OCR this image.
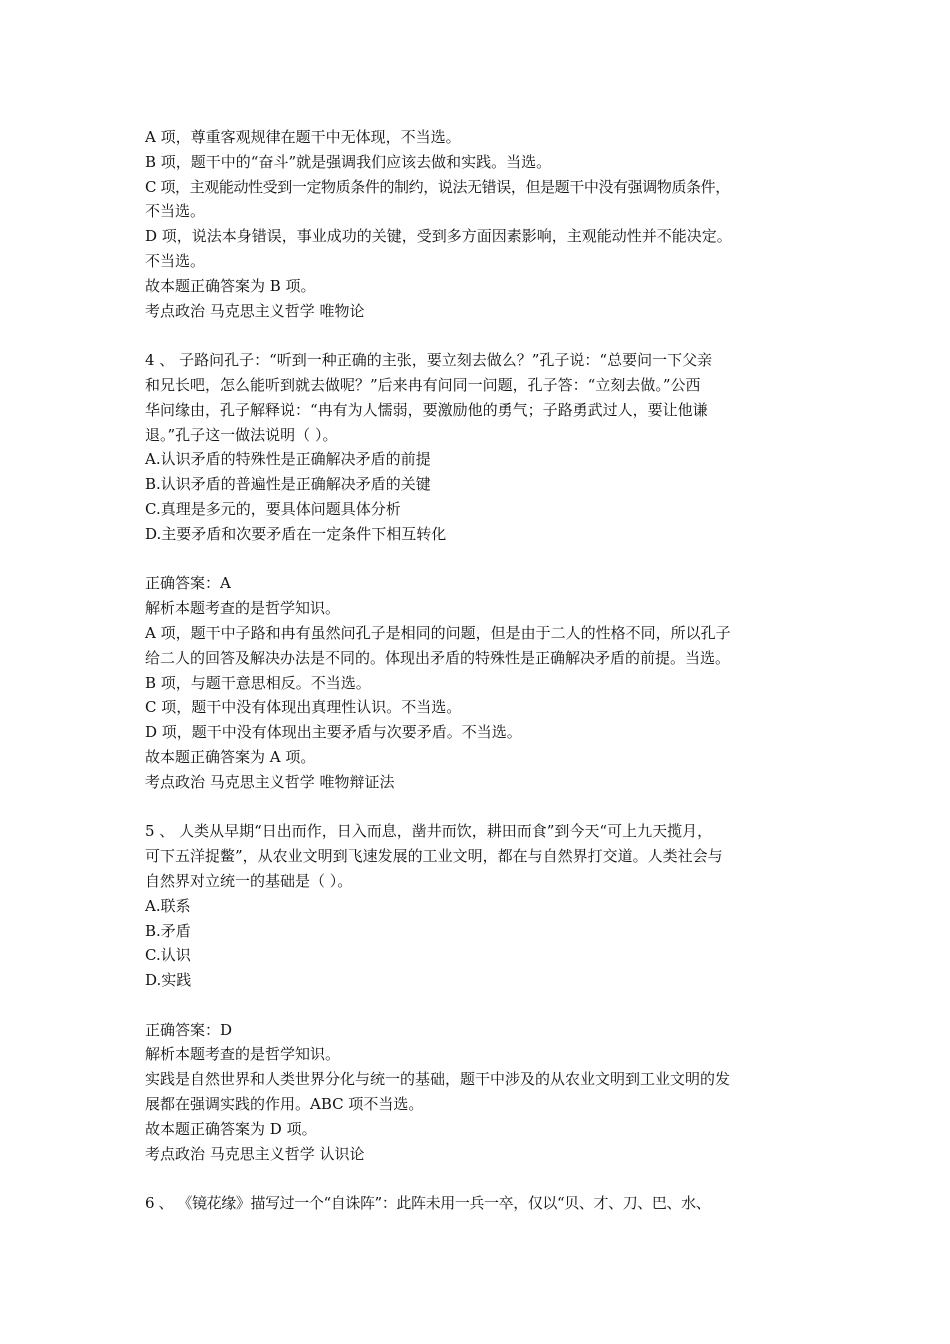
A 项，尊重客观规律在题干中无体现，不当选。
B 项，题干中的“奋斗”就是强调我们应该去做和实践。当选。
C 项，主观能动性受到一定物质条件的制约，说法无错误，但是题干中没有强调物质条件，
不当选。
D 项，说法本身错误，事业成功的关键，受到多方面因素影响，主观能动性并不能决定。
不当选。
故本题正确答案为 B 项。
考点政治 马克思主义哲学 唯物论
4 、 子路问孔子：“听到一种正确的主张，要立刻去做么？”孔子说：“总要问一下父亲
和兄长吧，怎么能听到就去做呢？”后来冉有问同一问题，孔子答：“立刻去做。”公西
华问缘由，孔子解释说：“冉有为人懦弱，要激励他的勇气；子路勇武过人，要让他谦
退。”孔子这一做法说明（ ）。
A.认识矛盾的特殊性是正确解决矛盾的前提
B.认识矛盾的普遍性是正确解决矛盾的关键
C.真理是多元的，要具体问题具体分析
D.主要矛盾和次要矛盾在一定条件下相互转化
正确答案：A
解析本题考查的是哲学知识。
A 项，题干中子路和冉有虽然问孔子是相同的问题，但是由于二人的性格不同，所以孔子
给二人的回答及解决办法是不同的。体现出矛盾的特殊性是正确解决矛盾的前提。当选。
B 项，与题干意思相反。不当选。
C 项，题干中没有体现出真理性认识。不当选。
D 项，题干中没有体现出主要矛盾与次要矛盾。不当选。
故本题正确答案为 A 项。
考点政治 马克思主义哲学 唯物辩证法
5 、 人类从早期“日出而作，日入而息，凿井而饮，耕田而食”到今天“可上九天揽月，
可下五洋捉鳖”，从农业文明到飞速发展的工业文明，都在与自然界打交道。人类社会与
自然界对立统一的基础是（ ）。
A.联系
B.矛盾
C.认识
D.实践
正确答案：D
解析本题考查的是哲学知识。
实践是自然世界和人类世界分化与统一的基础，题干中涉及的从农业文明到工业文明的发
展都在强调实践的作用。ABC 项不当选。
故本题正确答案为 D 项。
考点政治 马克思主义哲学 认识论
6 、 《镜花缘》描写过一个“自诛阵”：此阵未用一兵一卒，仅以“贝、才、刀、巴、水、
